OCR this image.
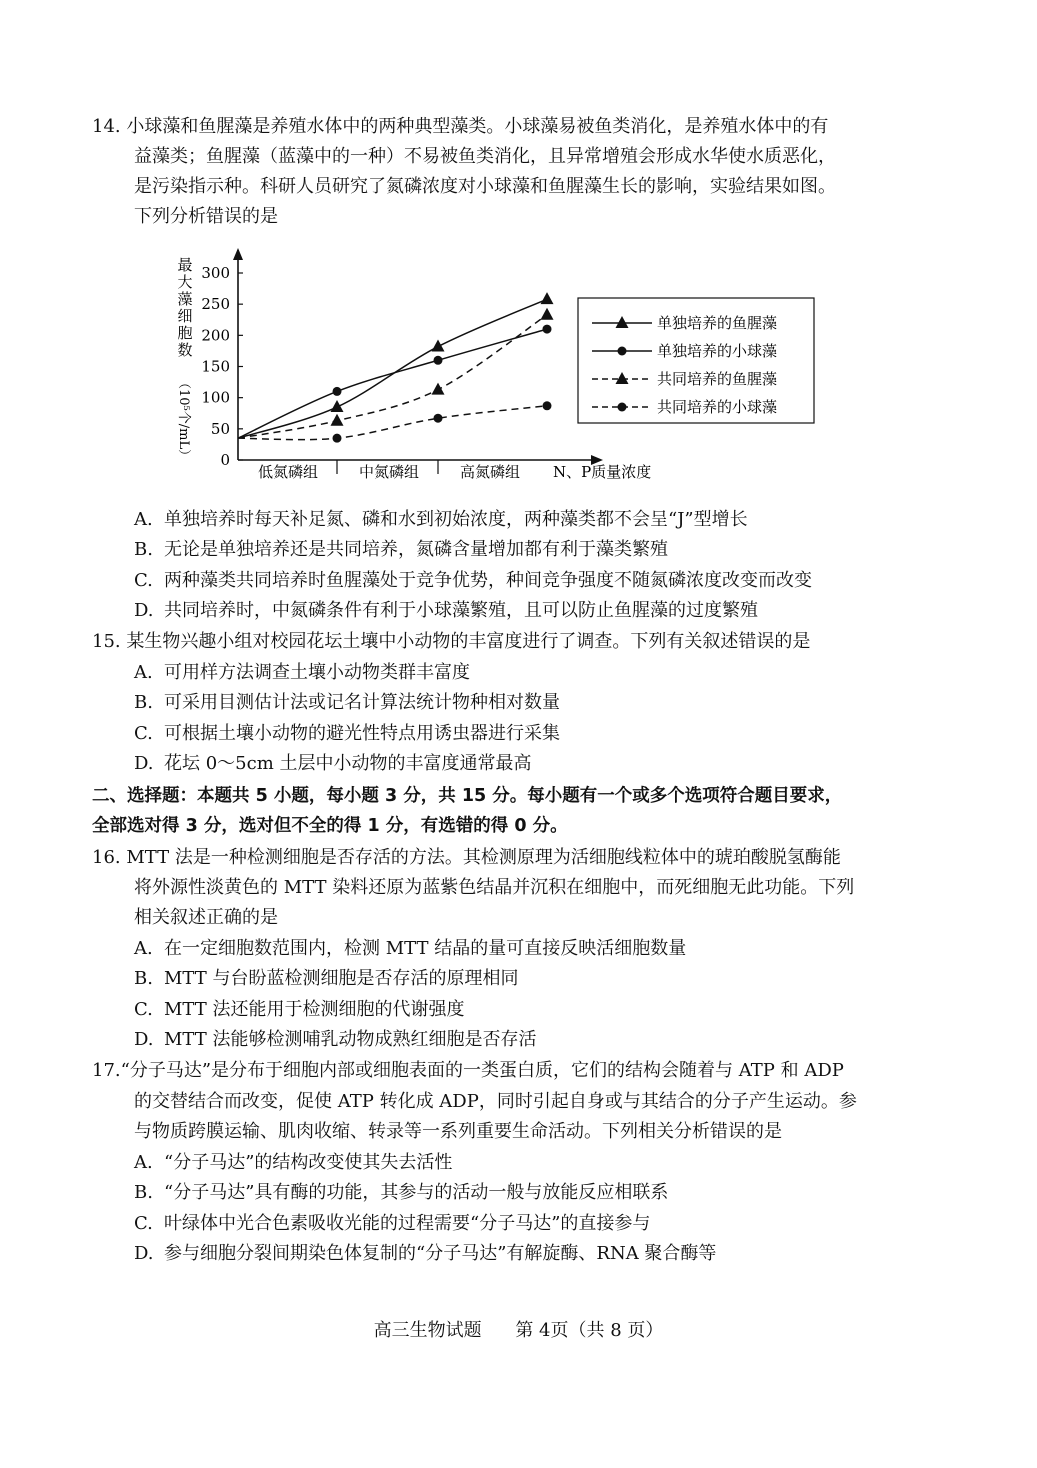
14. 小球藻和鱼腥藻是养殖水体中的两种典型藻类。小球藻易被鱼类消化，是养殖水体中的有
益藻类；鱼腥藻（蓝藻中的一种）不易被鱼类消化，且异常增殖会形成水华使水质恶化，
是污染指示种。科研人员研究了氮磷浓度对小球藻和鱼腥藻生长的影响，实验结果如图。
下列分析错误的是
最
大
藻
细
胞
数
（10⁵个/mL） 0
50
100
150
200
250
300
低氮磷组	中氮磷组	高氮磷组 N、P质量浓度
单独培养的鱼腥藻
单独培养的小球藻
共同培养的鱼腥藻
共同培养的小球藻
A. 单独培养时每天补足氮、磷和水到初始浓度，两种藻类都不会呈“J”型增长
B. 无论是单独培养还是共同培养，氮磷含量增加都有利于藻类繁殖
C. 两种藻类共同培养时鱼腥藻处于竞争优势，种间竞争强度不随氮磷浓度改变而改变
D. 共同培养时，中氮磷条件有利于小球藻繁殖，且可以防止鱼腥藻的过度繁殖
15. 某生物兴趣小组对校园花坛土壤中小动物的丰富度进行了调查。下列有关叙述错误的是
A. 可用样方法调查土壤小动物类群丰富度
B. 可采用目测估计法或记名计算法统计物种相对数量
C. 可根据土壤小动物的避光性特点用诱虫器进行采集
D. 花坛 0～5cm 土层中小动物的丰富度通常最高
二、选择题：本题共 5 小题，每小题 3 分，共 15 分。每小题有一个或多个选项符合题目要求，
全部选对得 3 分，选对但不全的得 1 分，有选错的得 0 分。
16. MTT 法是一种检测细胞是否存活的方法。其检测原理为活细胞线粒体中的琥珀酸脱氢酶能
将外源性淡黄色的 MTT 染料还原为蓝紫色结晶并沉积在细胞中，而死细胞无此功能。下列
相关叙述正确的是
A. 在一定细胞数范围内，检测 MTT 结晶的量可直接反映活细胞数量
B. MTT 与台盼蓝检测细胞是否存活的原理相同
C. MTT 法还能用于检测细胞的代谢强度
D. MTT 法能够检测哺乳动物成熟红细胞是否存活
17.“分子马达”是分布于细胞内部或细胞表面的一类蛋白质，它们的结构会随着与 ATP 和 ADP
的交替结合而改变，促使 ATP 转化成 ADP，同时引起自身或与其结合的分子产生运动。参
与物质跨膜运输、肌肉收缩、转录等一系列重要生命活动。下列相关分析错误的是
A. “分子马达”的结构改变使其失去活性
B. “分子马达”具有酶的功能，其参与的活动一般与放能反应相联系
C. 叶绿体中光合色素吸收光能的过程需要“分子马达”的直接参与
D. 参与细胞分裂间期染色体复制的“分子马达”有解旋酶、RNA 聚合酶等
高三生物试题 第 4页（共 8 页）
